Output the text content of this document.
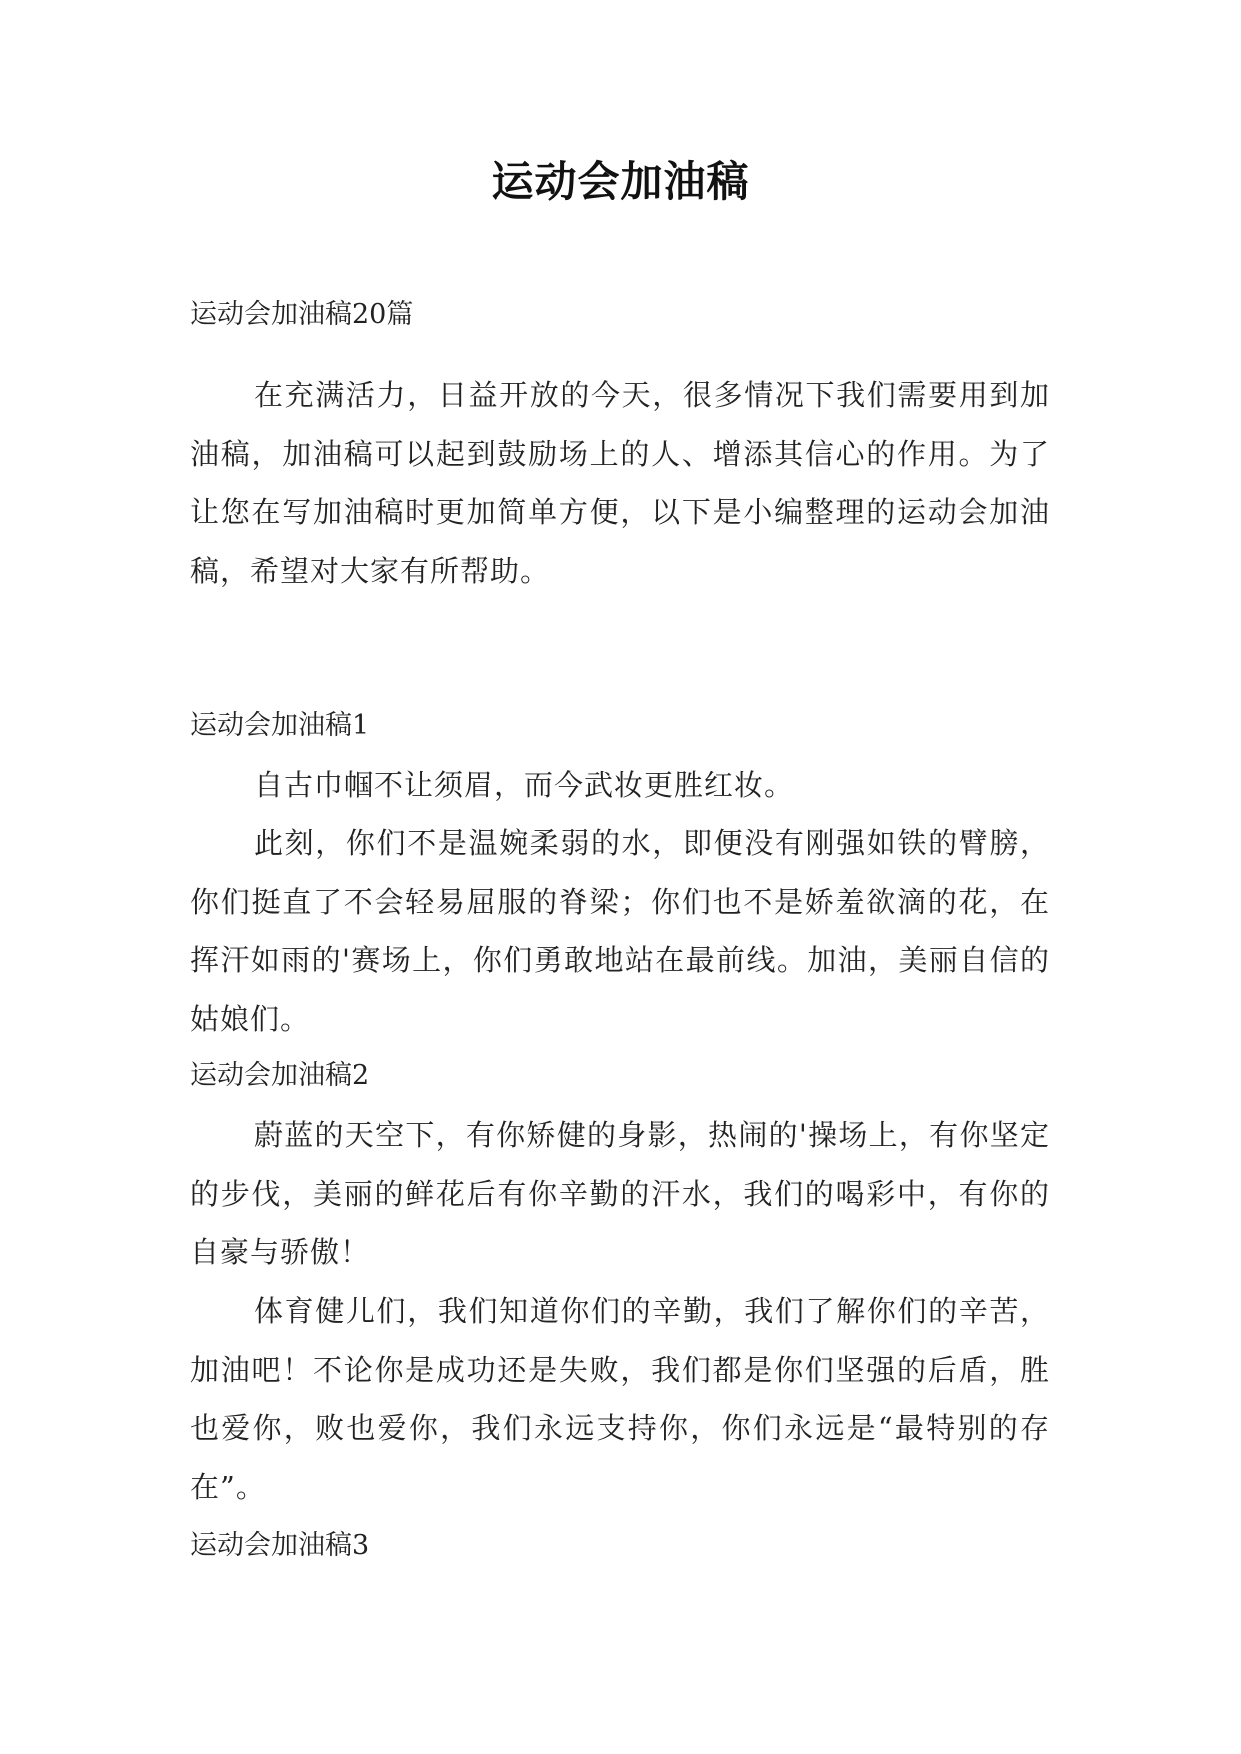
运动会加油稿

运动会加油稿20篇

在充满活力，日益开放的今天，很多情况下我们需要用到加油稿，加油稿可以起到鼓励场上的人、增添其信心的作用。为了让您在写加油稿时更加简单方便，以下是小编整理的运动会加油稿，希望对大家有所帮助。

运动会加油稿1

自古巾帼不让须眉，而今武妆更胜红妆。

此刻，你们不是温婉柔弱的水，即便没有刚强如铁的臂膀，你们挺直了不会轻易屈服的脊梁；你们也不是娇羞欲滴的花，在挥汗如雨的'赛场上，你们勇敢地站在最前线。加油，美丽自信的姑娘们。

运动会加油稿2

蔚蓝的天空下，有你矫健的身影，热闹的'操场上，有你坚定的步伐，美丽的鲜花后有你辛勤的汗水，我们的喝彩中，有你的自豪与骄傲！

体育健儿们，我们知道你们的辛勤，我们了解你们的辛苦，加油吧！不论你是成功还是失败，我们都是你们坚强的后盾，胜也爱你，败也爱你，我们永远支持你，你们永远是“最特别的存在”。

运动会加油稿3
